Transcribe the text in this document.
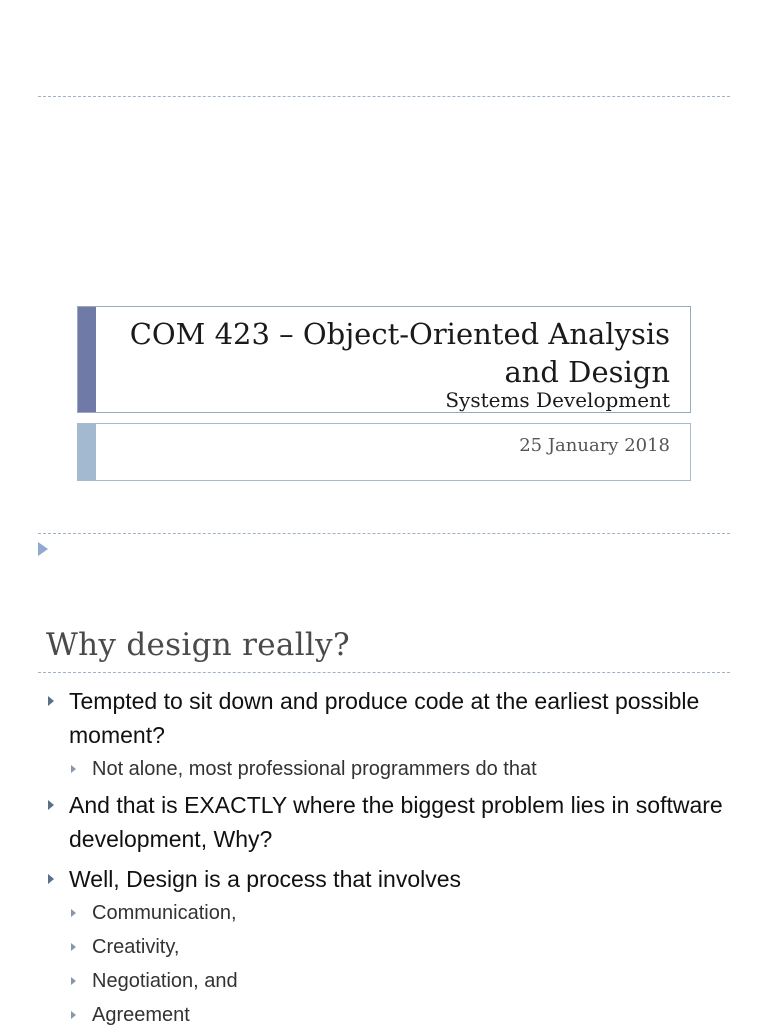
COM 423 – Object-Oriented Analysis and Design
Systems Development
25 January 2018
Why design really?
Tempted to sit down and produce code at the earliest possible moment?
Not alone, most professional programmers do that
And that is EXACTLY where the biggest problem lies in software development, Why?
Well, Design is a process that involves
Communication,
Creativity,
Negotiation, and
Agreement
